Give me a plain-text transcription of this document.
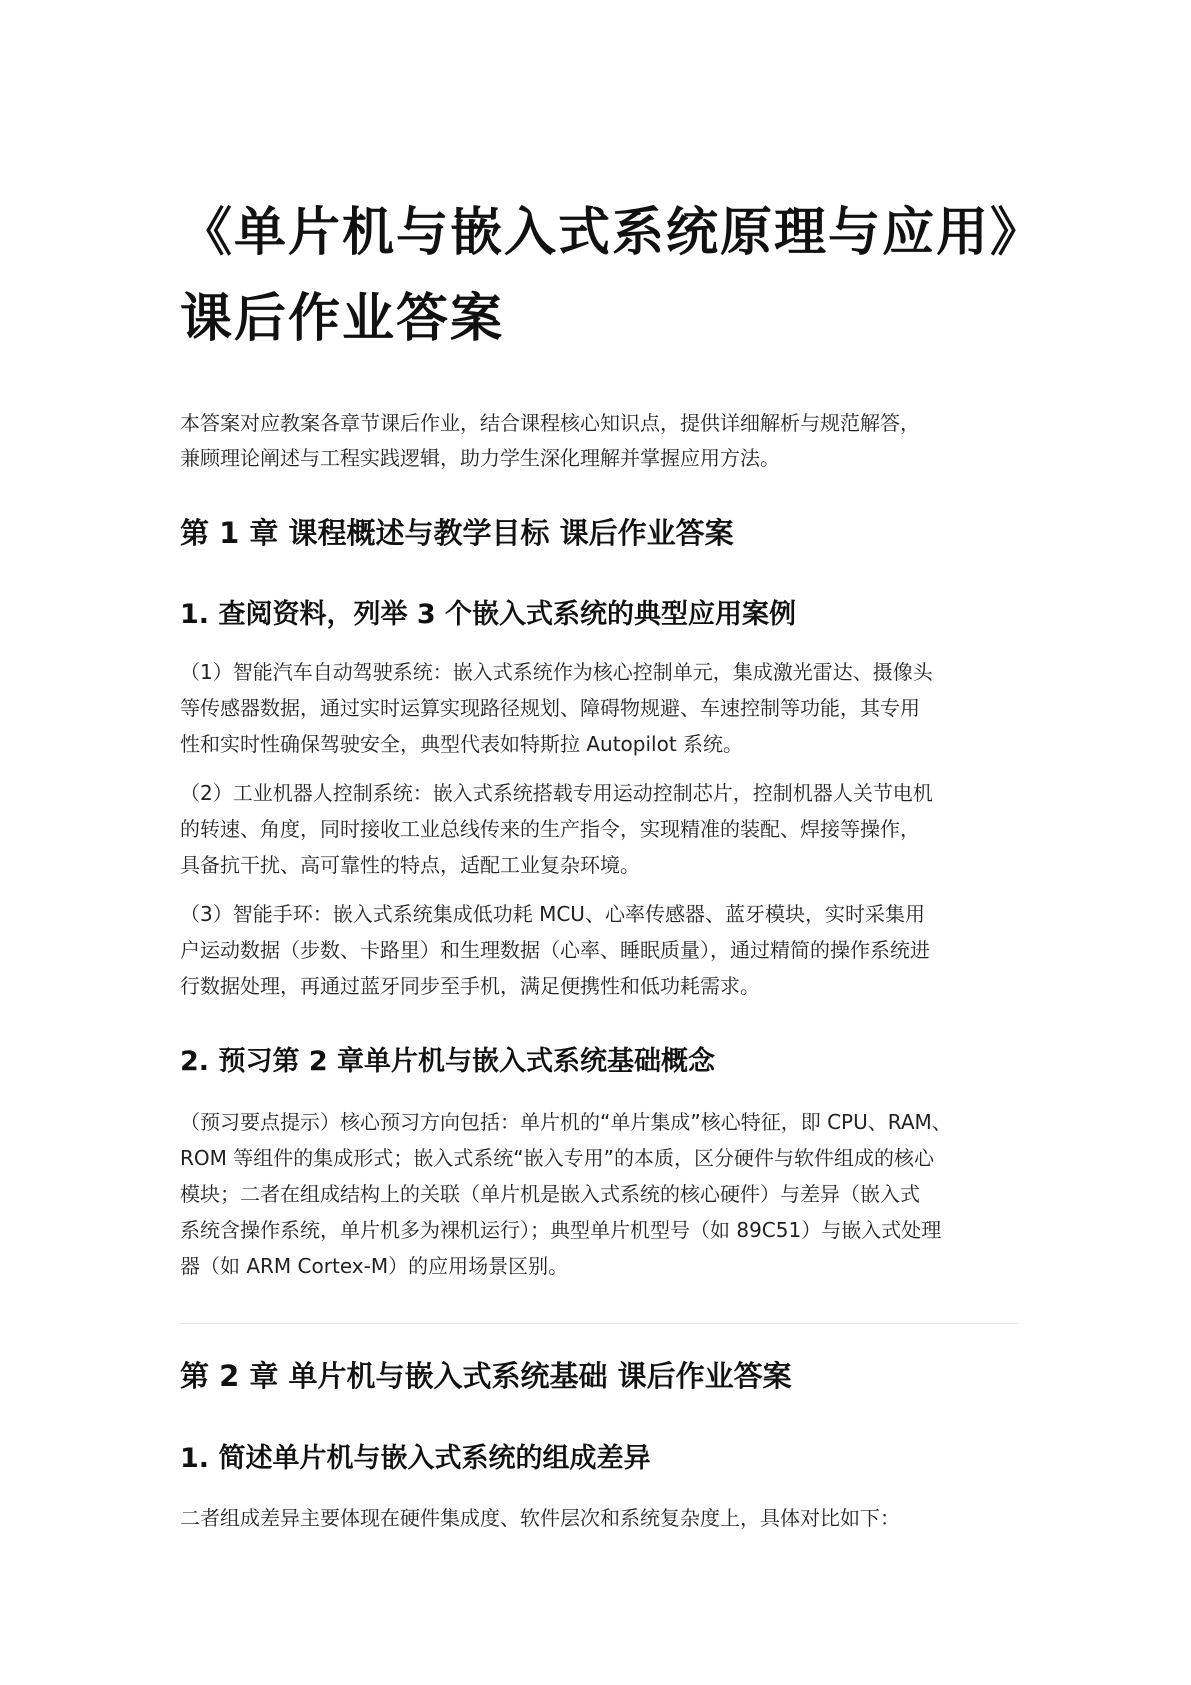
《单片机与嵌入式系统原理与应用》
课后作业答案

本答案对应教案各章节课后作业，结合课程核心知识点，提供详细解析与规范解答，
兼顾理论阐述与工程实践逻辑，助力学生深化理解并掌握应用方法。

第 1 章 课程概述与教学目标 课后作业答案
1. 查阅资料，列举 3 个嵌入式系统的典型应用案例

（1）智能汽车自动驾驶系统：嵌入式系统作为核心控制单元，集成激光雷达、摄像头
等传感器数据，通过实时运算实现路径规划、障碍物规避、车速控制等功能，其专用
性和实时性确保驾驶安全，典型代表如特斯拉 Autopilot 系统。

（2）工业机器人控制系统：嵌入式系统搭载专用运动控制芯片，控制机器人关节电机
的转速、角度，同时接收工业总线传来的生产指令，实现精准的装配、焊接等操作，
具备抗干扰、高可靠性的特点，适配工业复杂环境。

（3）智能手环：嵌入式系统集成低功耗 MCU、心率传感器、蓝牙模块，实时采集用
户运动数据（步数、卡路里）和生理数据（心率、睡眠质量），通过精简的操作系统进
行数据处理，再通过蓝牙同步至手机，满足便携性和低功耗需求。

2. 预习第 2 章单片机与嵌入式系统基础概念

（预习要点提示）核心预习方向包括：单片机的“单片集成”核心特征，即 CPU、RAM、
ROM 等组件的集成形式；嵌入式系统“嵌入专用”的本质，区分硬件与软件组成的核心
模块；二者在组成结构上的关联（单片机是嵌入式系统的核心硬件）与差异（嵌入式
系统含操作系统，单片机多为裸机运行）；典型单片机型号（如 89C51）与嵌入式处理
器（如 ARM Cortex-M）的应用场景区别。

第 2 章 单片机与嵌入式系统基础 课后作业答案
1. 简述单片机与嵌入式系统的组成差异

二者组成差异主要体现在硬件集成度、软件层次和系统复杂度上，具体对比如下：
